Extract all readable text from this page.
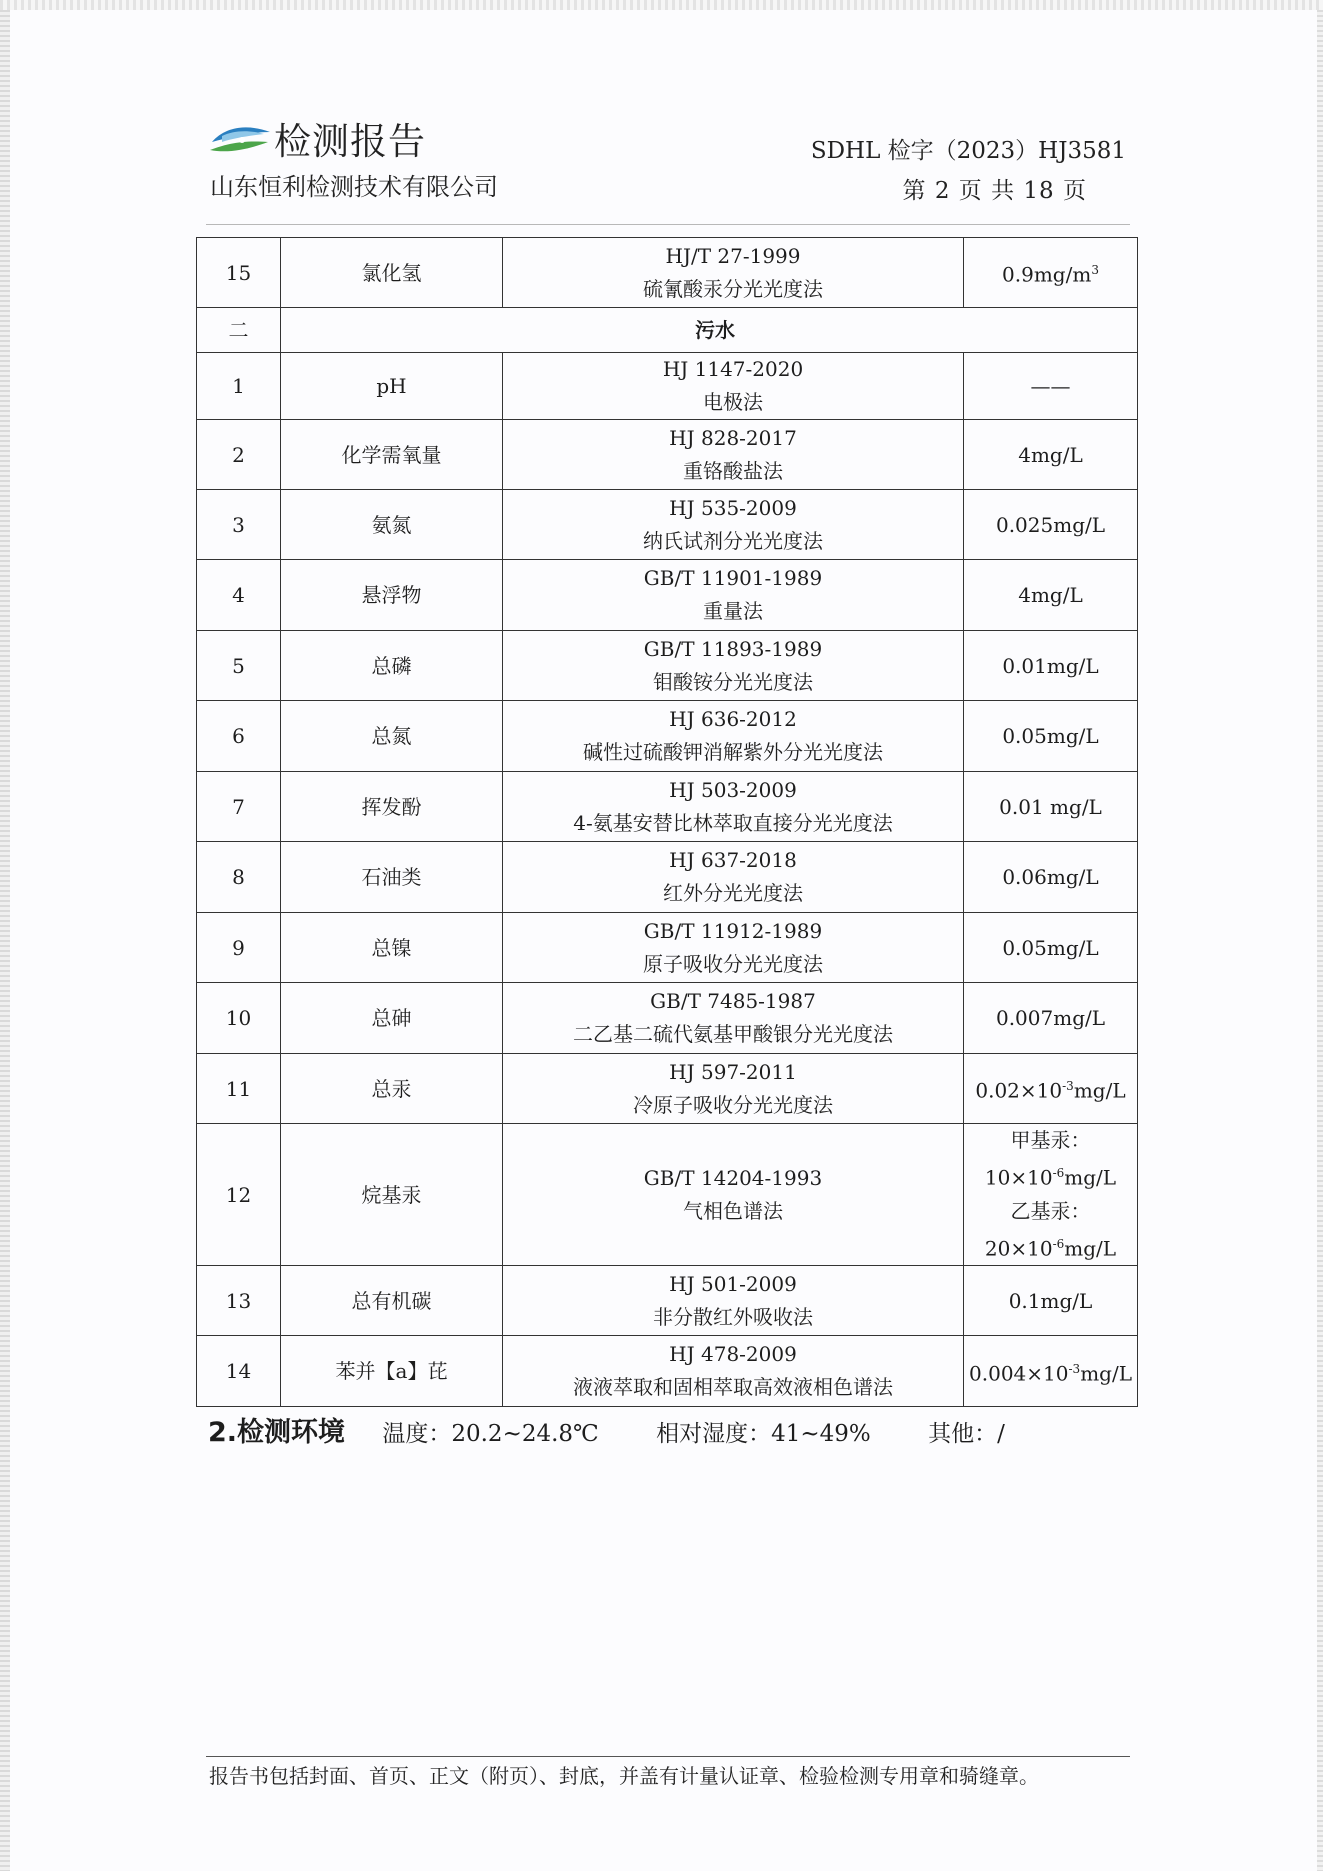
检测报告
山东恒利检测技术有限公司
SDHL 检字（2023）HJ3581
第 2 页 共 18 页
15	氯化氢	HJ/T 27-1999
硫氰酸汞分光光度法	$0.9mg/m^3$
二	污水		
1	pH	HJ 1147-2020
电极法	——
2	化学需氧量	HJ 828-2017
重铬酸盐法	4mg/L
3	氨氮	HJ 535-2009
纳氏试剂分光光度法	0.025mg/L
4	悬浮物	GB/T 11901-1989
重量法	4mg/L
5	总磷	GB/T 11893-1989
钼酸铵分光光度法	0.01mg/L
6	总氮	HJ 636-2012
碱性过硫酸钾消解紫外分光光度法	0.05mg/L
7	挥发酚	HJ 503-2009
4-氨基安替比林萃取直接分光光度法	0.01 mg/L
8	石油类	HJ 637-2018
红外分光光度法	0.06mg/L
9	总镍	GB/T 11912-1989
原子吸收分光光度法	0.05mg/L
10	总砷	GB/T 7485-1987
二乙基二硫代氨基甲酸银分光光度法	0.007mg/L
11	总汞	HJ 597-2011
冷原子吸收分光光度法	$0.02\times 10^{-3}mg/L$
12	烷基汞	GB/T 14204-1993
气相色谱法	甲基汞：
$10\times 10^{-6}mg/L$
乙基汞：
$20\times 10^{-6}mg/L$

13	总有机碳	HJ 501-2009
非分散红外吸收法	0.1mg/L
14	苯并【a】芘	HJ 478-2009
液液萃取和固相萃取高效液相色谱法	$0.004\times 10^{-3}mg/L$
2.检测环境 温度：20.2~24.8℃ 相对湿度：41~49% 其他：/
报告书包括封面、首页、正文（附页）、封底，并盖有计量认证章、检验检测专用章和骑缝章。
